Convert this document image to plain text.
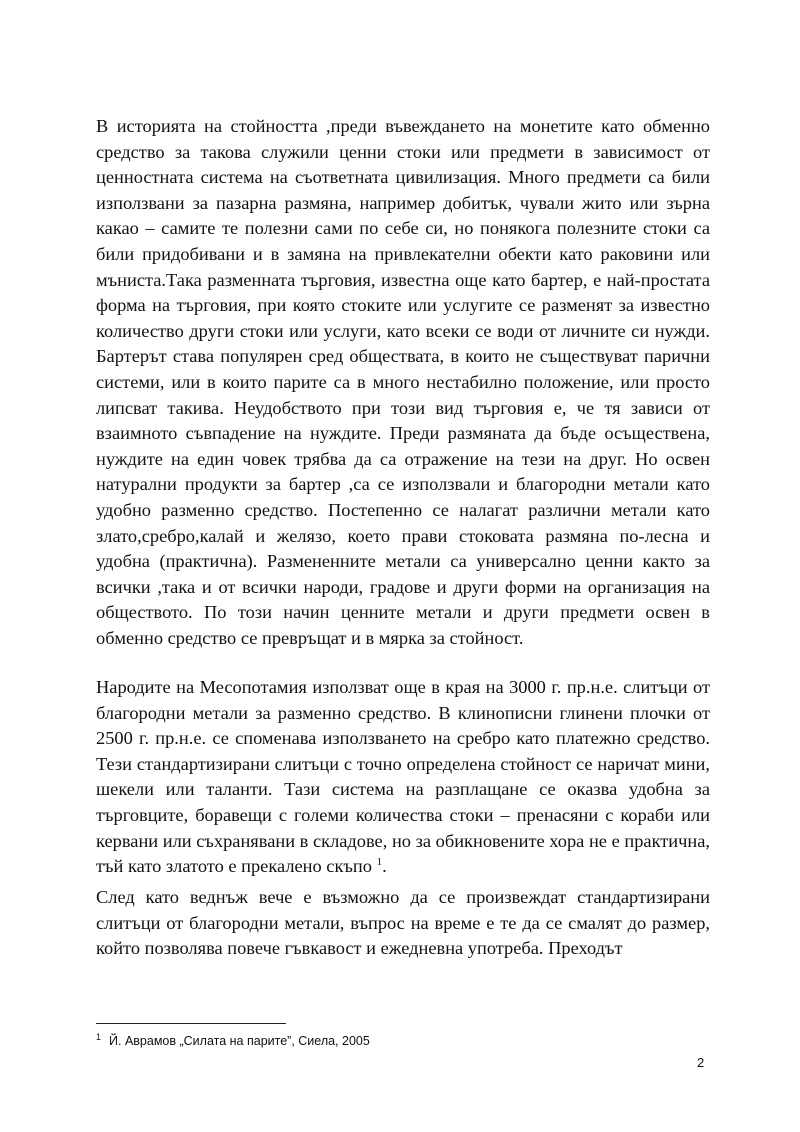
В историята на стойността ,преди въвеждането на монетите като обменно средство за такова служили ценни стоки или предмети в зависимост от ценностната система на съответната цивилизация. Много предмети са били използвани за пазарна размяна, например добитък, чували жито или зърна какао – самите те полезни сами по себе си, но понякога полезните стоки са били придобивани и в замяна на привлекателни обекти като раковини или мъниста.Така разменната търговия, известна още като бартер, е най-простата форма на търговия, при която стоките или услугите се разменят за известно количество други стоки или услуги, като всеки се води от личните си нужди. Бартерът става популярен сред обществата, в които не съществуват парични системи, или в които парите са в много нестабилно положение, или просто липсват такива. Неудобството при този вид търговия е, че тя зависи от взаимното съвпадение на нуждите. Преди размяната да бъде осъществена, нуждите на един човек трябва да са отражение на тези на друг. Но освен натурални продукти за бартер ,са се използвали и благородни метали като удобно разменно средство. Постепенно се налагат различни метали като злато,сребро,калай и желязо, което прави стоковата размяна по-лесна и удобна (практична). Размененните метали са универсално ценни както за всички ,така и от всички народи, градове и други форми на организация на обществото. По този начин ценните метали и други предмети освен в обменно средство се превръщат и в мярка за стойност.

Народите на Месопотамия използват още в края на 3000 г. пр.н.е. слитъци от благородни метали за разменно средство. В клинописни глинени плочки от 2500 г. пр.н.е. се споменава използването на сребро като платежно средство. Тези стандартизирани слитъци с точно определена стойност се наричат мини, шекели или таланти. Тази система на разплащане се оказва удобна за търговците, боравещи с големи количества стоки – пренасяни с кораби или кервани или съхранявани в складове, но за обикновените хора не е практична, тъй като златото е прекалено скъпо $^1$.

След като веднъж вече е възможно да се произвеждат стандартизирани слитъци от благородни метали, въпрос на време е те да се смалят до размер, който позволява повече гъвкавост и ежедневна употреба. Преходът

$^1$ Й. Аврамов „Силата на парите”, Сиела, 2005

2
